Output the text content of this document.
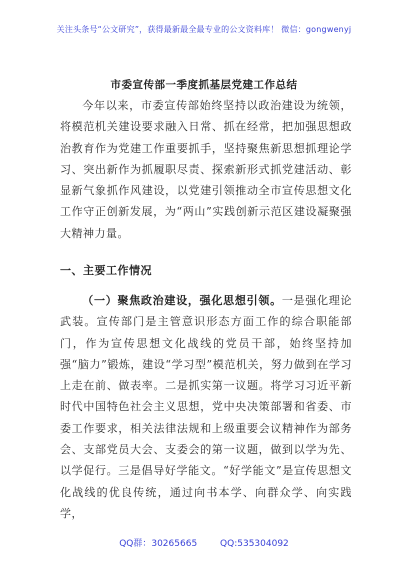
关注头条号“公文研究”，获得最新最全最专业的公文资料库！ 微信：gongwenyj
市委宣传部一季度抓基层党建工作总结
今年以来，市委宣传部始终坚持以政治建设为统领，将模范机关建设要求融入日常、抓在经常，把加强思想政治教育作为党建工作重要抓手，坚持聚焦新思想抓理论学习、突出新作为抓履职尽责、探索新形式抓党建活动、彰显新气象抓作风建设，以党建引领推动全市宣传思想文化工作守正创新发展，为“两山”实践创新示范区建设凝聚强大精神力量。
一、主要工作情况
（一）聚焦政治建设，强化思想引领。一是强化理论武装。宣传部门是主管意识形态方面工作的综合职能部门，作为宣传思想文化战线的党员干部，始终坚持加强“脑力”锻炼，建设“学习型”模范机关，努力做到在学习上走在前、做表率。二是抓实第一议题。将学习习近平新时代中国特色社会主义思想，党中央决策部署和省委、市委工作要求，相关法律法规和上级重要会议精神作为部务会、支部党员大会、支委会的第一议题，做到以学为先、以学促行。三是倡导好学能文。“好学能文”是宣传思想文化战线的优良传统，通过向书本学、向群众学、向实践学，
QQ群：30265665	QQ:535304092
